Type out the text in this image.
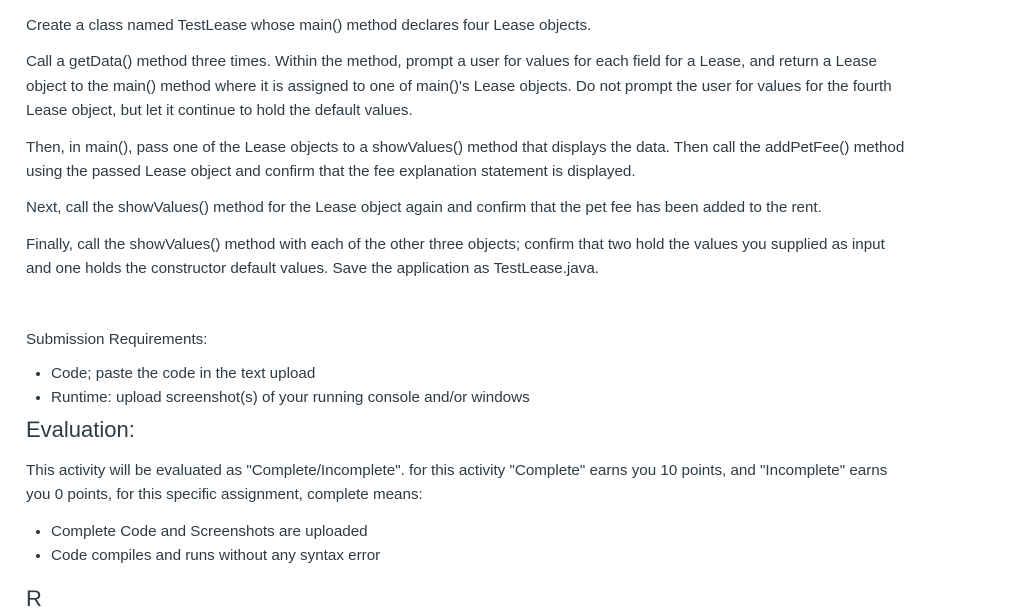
Create a class named TestLease whose main() method declares four Lease objects.

Call a getData() method three times. Within the method, prompt a user for values for each field for a Lease, and return a Lease object to the main() method where it is assigned to one of main()'s Lease objects. Do not prompt the user for values for the fourth Lease object, but let it continue to hold the default values.

Then, in main(), pass one of the Lease objects to a showValues() method that displays the data. Then call the addPetFee() method using the passed Lease object and confirm that the fee explanation statement is displayed.

Next, call the showValues() method for the Lease object again and confirm that the pet fee has been added to the rent.

Finally, call the showValues() method with each of the other three objects; confirm that two hold the values you supplied as input and one holds the constructor default values. Save the application as TestLease.java.

Submission Requirements:

• Code; paste the code in the text upload
• Runtime: upload screenshot(s) of your running console and/or windows
Evaluation:

This activity will be evaluated as "Complete/Incomplete". for this activity "Complete" earns you 10 points, and "Incomplete" earns you 0 points, for this specific assignment, complete means:

• Complete Code and Screenshots are uploaded
• Code compiles and runs without any syntax error
R
